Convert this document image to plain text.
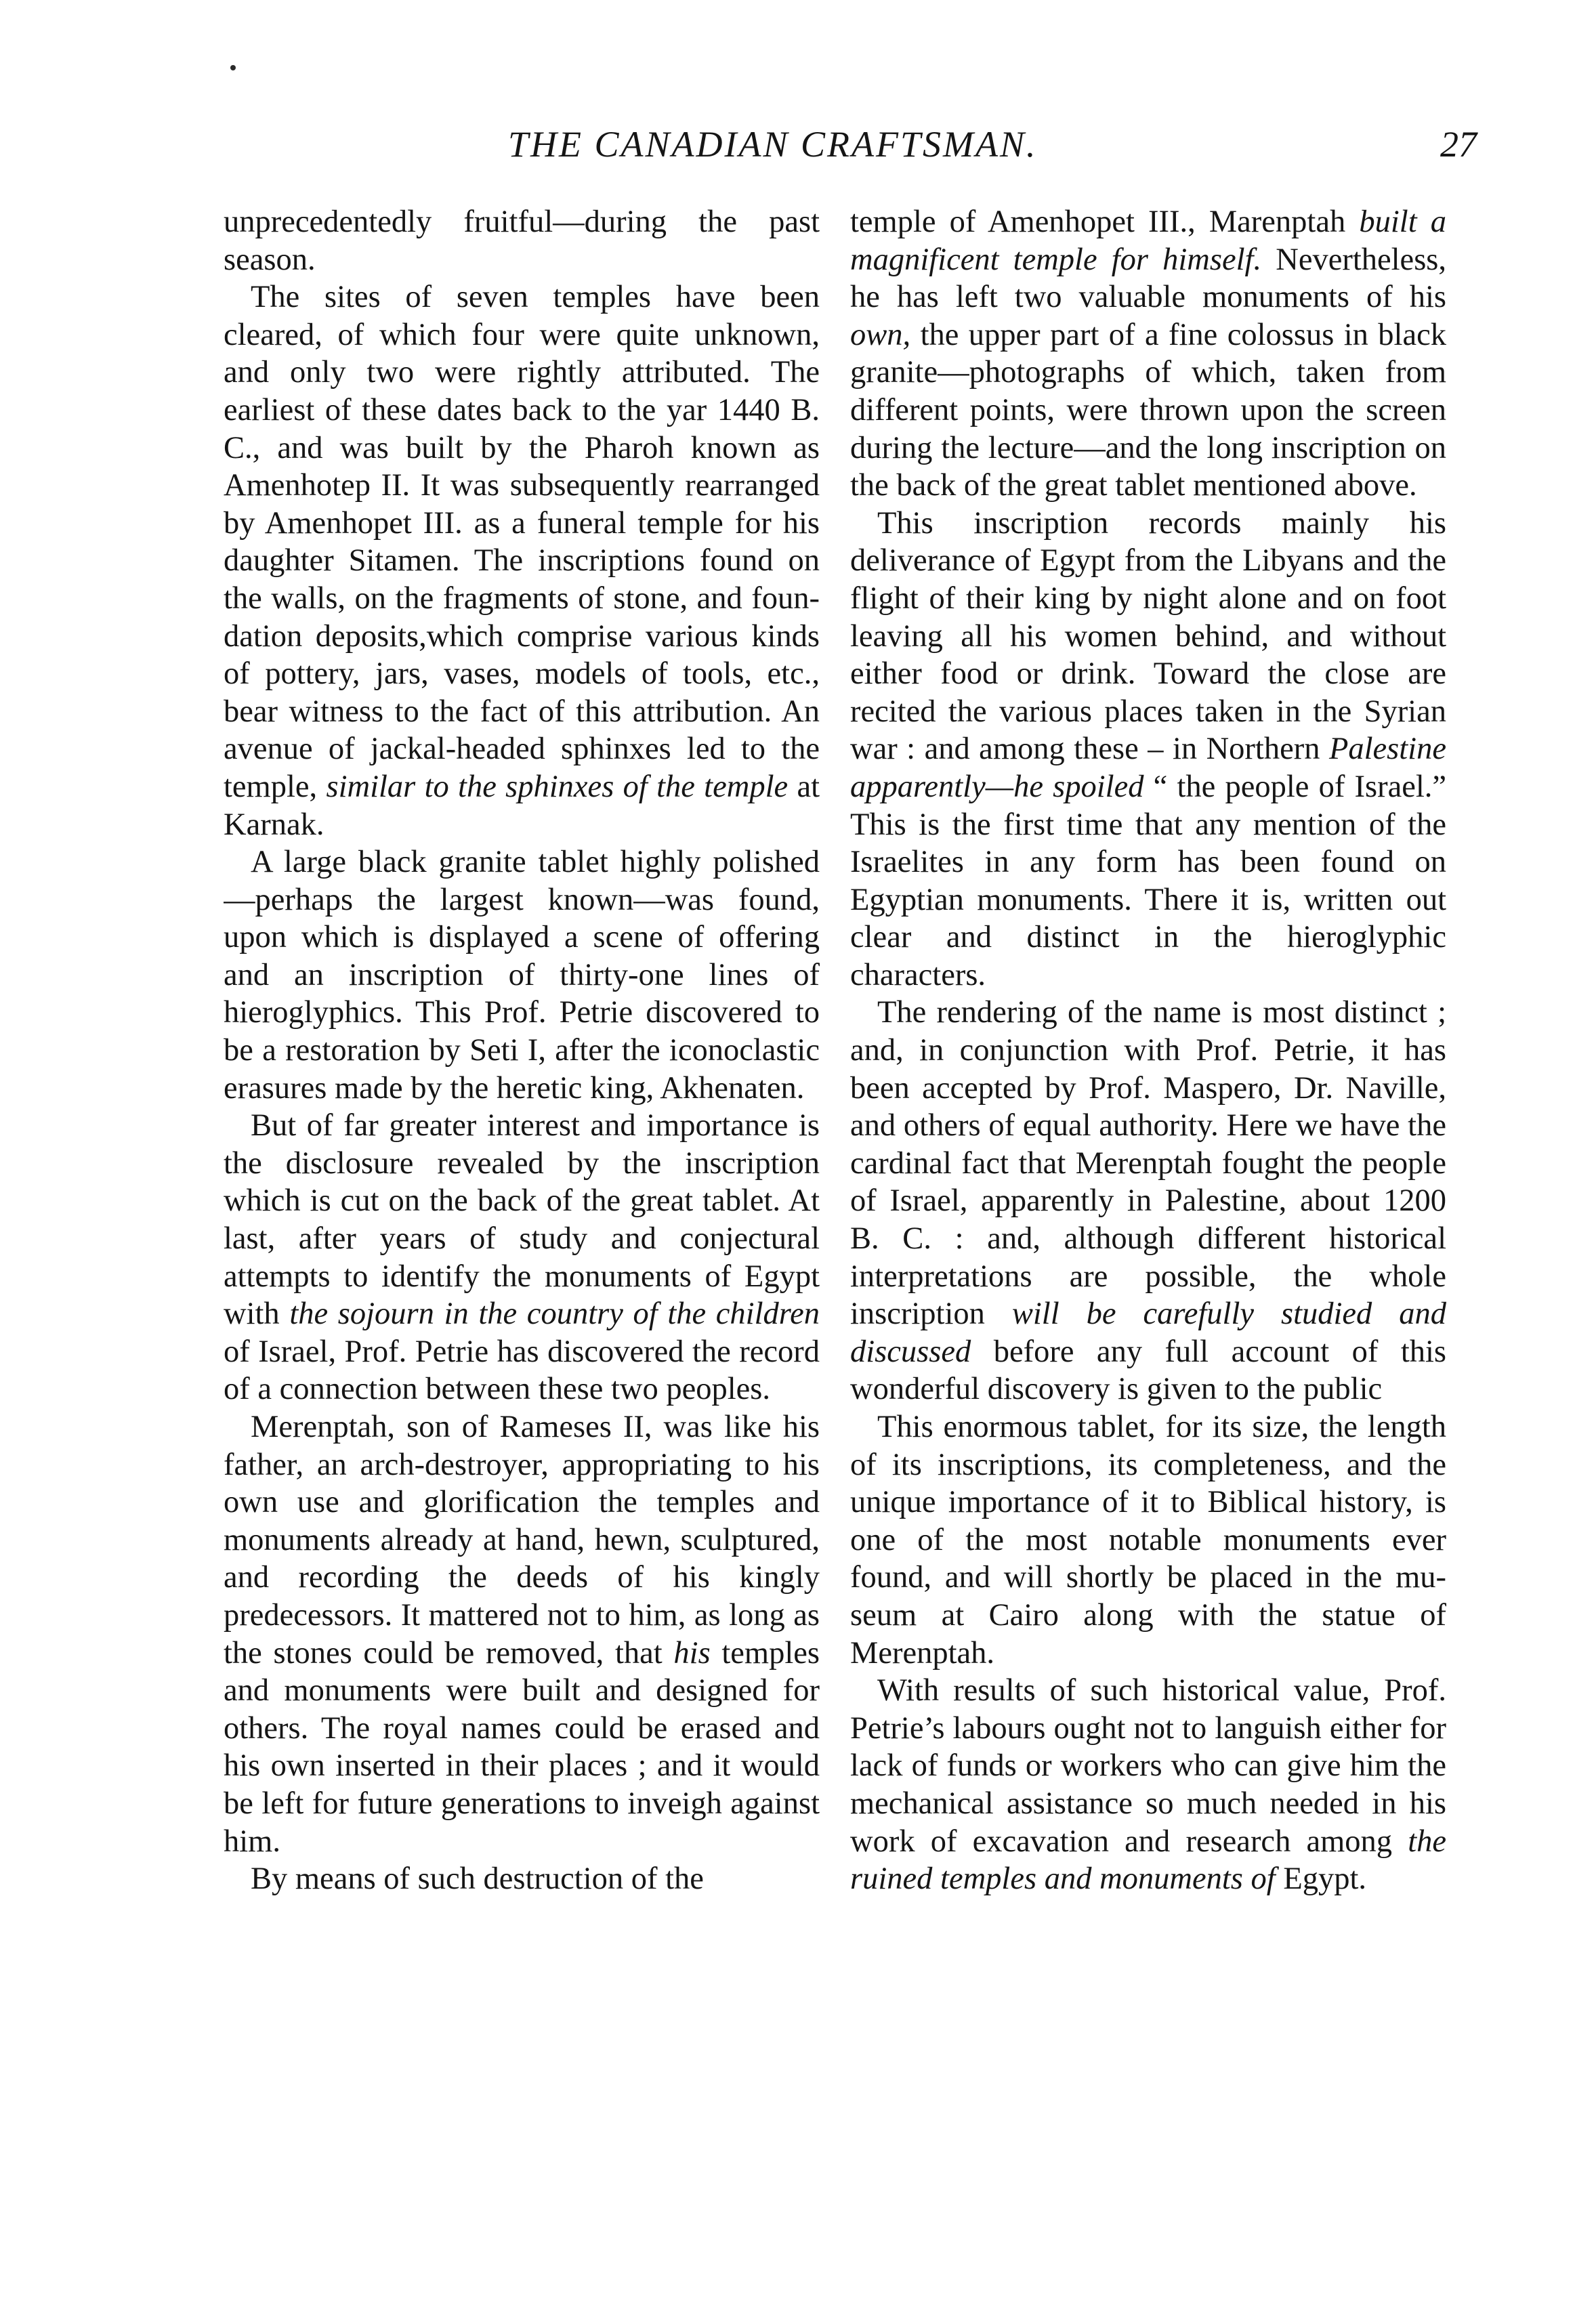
THE CANADIAN CRAFTSMAN.	27

unprecedentedly fruitful—during the past season.

The sites of seven temples have been cleared, of which four were quite unknown, and only two were rightly attributed. The earliest of these dates back to the yar 1440 B. C., and was built by the Pharoh known as Amenhotep II. It was subsequently rearranged by Amenhopet III. as a funeral temple for his daughter Sitamen. The inscriptions found on the walls, on the fragments of stone, and foundation deposits,which comprise various kinds of pottery, jars, vases, models of tools, etc., bear witness to the fact of this attribution. An avenue of jackal-headed sphinxes led to the temple, similar to the sphinxes of the temple at Karnak.

A large black granite tablet highly polished—perhaps the largest known—was found, upon which is displayed a scene of offering and an inscription of thirty-one lines of hieroglyphics. This Prof. Petrie discovered to be a restoration by Seti I, after the iconoclastic erasures made by the heretic king, Akhenaten.

But of far greater interest and importance is the disclosure revealed by the inscription which is cut on the back of the great tablet. At last, after years of study and conjectural attempts to identify the monuments of Egypt with the sojourn in the country of the children of Israel, Prof. Petrie has discovered the record of a connection between these two peoples.

Merenptah, son of Rameses II, was like his father, an arch-destroyer, appropriating to his own use and glorification the temples and monuments already at hand, hewn, sculptured, and recording the deeds of his kingly predecessors. It mattered not to him, as long as the stones could be removed, that his temples and monuments were built and designed for others. The royal names could be erased and his own inserted in their places ; and it would be left for future generations to inveigh against him.

By means of such destruction of the

temple of Amenhopet III., Marenptah built a magnificent temple for himself. Nevertheless, he has left two valuable monuments of his own, the upper part of a fine colossus in black granite—photographs of which, taken from different points, were thrown upon the screen during the lecture—and the long inscription on the back of the great tablet mentioned above.

This inscription records mainly his deliverance of Egypt from the Libyans and the flight of their king by night alone and on foot leaving all his women behind, and without either food or drink. Toward the close are recited the various places taken in the Syrian war : and among these – in Northern Palestine apparently—he spoiled “ the people of Israel.” This is the first time that any mention of the Israelites in any form has been found on Egyptian monuments. There it is, written out clear and distinct in the hieroglyphic characters.

The rendering of the name is most distinct ; and, in conjunction with Prof. Petrie, it has been accepted by Prof. Maspero, Dr. Naville, and others of equal authority. Here we have the cardinal fact that Merenptah fought the people of Israel, apparently in Palestine, about 1200 B. C. : and, although different historical interpretations are possible, the whole inscription will be carefully studied and discussed before any full account of this wonderful discovery is given to the public

This enormous tablet, for its size, the length of its inscriptions, its completeness, and the unique importance of it to Biblical history, is one of the most notable monuments ever found, and will shortly be placed in the museum at Cairo along with the statue of Merenptah.

With results of such historical value, Prof. Petrie’s labours ought not to languish either for lack of funds or workers who can give him the mechanical assistance so much needed in his work of excavation and research among the ruined temples and monuments of Egypt.
